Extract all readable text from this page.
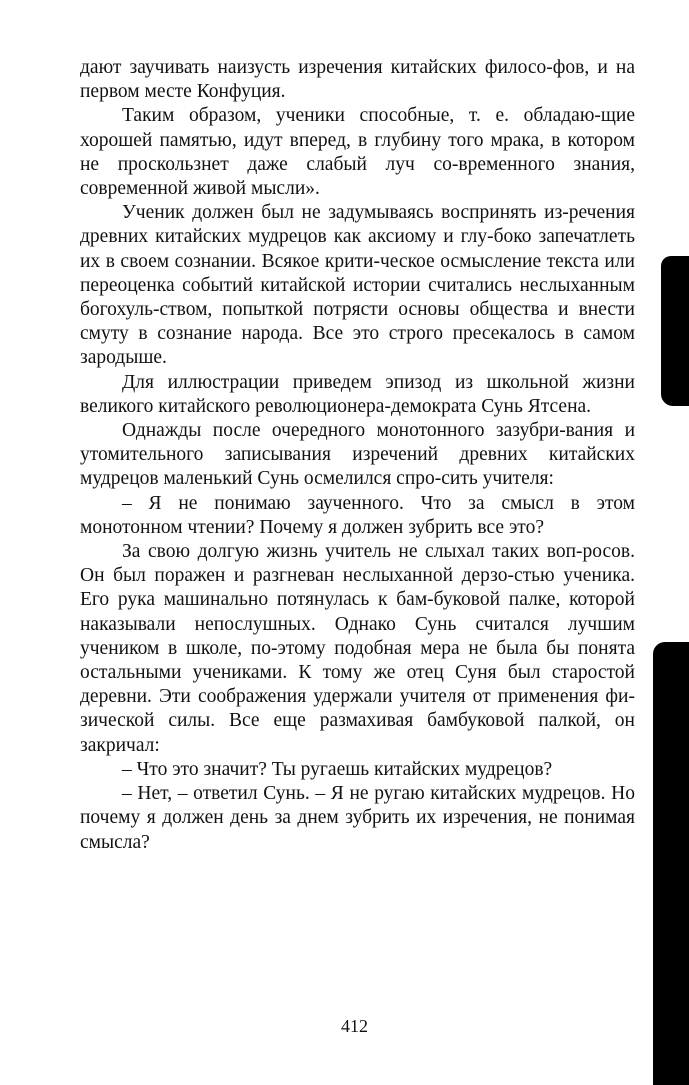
дают заучивать наизусть изречения китайских филосо-фов, и на первом месте Конфуция.

Таким образом, ученики способные, т. е. обладаю-щие хорошей памятью, идут вперед, в глубину того мрака, в котором не проскользнет даже слабый луч со-временного знания, современной живой мысли».

Ученик должен был не задумываясь воспринять из-речения древних китайских мудрецов как аксиому и глу-боко запечатлеть их в своем сознании. Всякое крити-ческое осмысление текста или переоценка событий китайской истории считались неслыханным богохуль-ством, попыткой потрясти основы общества и внести смуту в сознание народа. Все это строго пресекалось в самом зародыше.

Для иллюстрации приведем эпизод из школьной жизни великого китайского революционера-демократа Сунь Ятсена.

Однажды после очередного монотонного зазубри-вания и утомительного записывания изречений древних китайских мудрецов маленький Сунь осмелился спро-сить учителя:

– Я не понимаю заученного. Что за смысл в этом монотонном чтении? Почему я должен зубрить все это?

За свою долгую жизнь учитель не слыхал таких воп-росов. Он был поражен и разгневан неслыханной дерзо-стью ученика. Его рука машинально потянулась к бам-буковой палке, которой наказывали непослушных. Однако Сунь считался лучшим учеником в школе, по-этому подобная мера не была бы понята остальными учениками. К тому же отец Суня был старостой деревни. Эти соображения удержали учителя от применения фи-зической силы. Все еще размахивая бамбуковой палкой, он закричал:

– Что это значит? Ты ругаешь китайских мудрецов?

– Нет, – ответил Сунь. – Я не ругаю китайских мудрецов. Но почему я должен день за днем зубрить их изречения, не понимая смысла?

412
